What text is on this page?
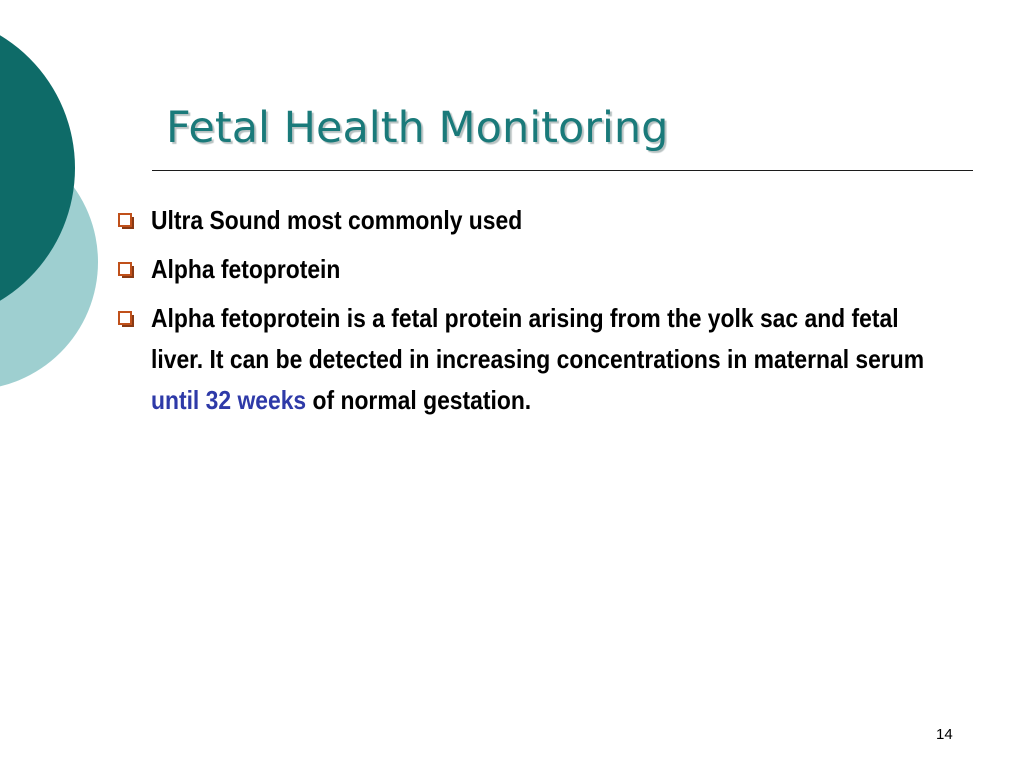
Fetal Health Monitoring
Ultra Sound most commonly used
Alpha fetoprotein
Alpha fetoprotein is a fetal protein arising from the yolk sac and fetal liver. It can be detected in increasing concentrations in maternal serum until 32 weeks of normal gestation.
14
